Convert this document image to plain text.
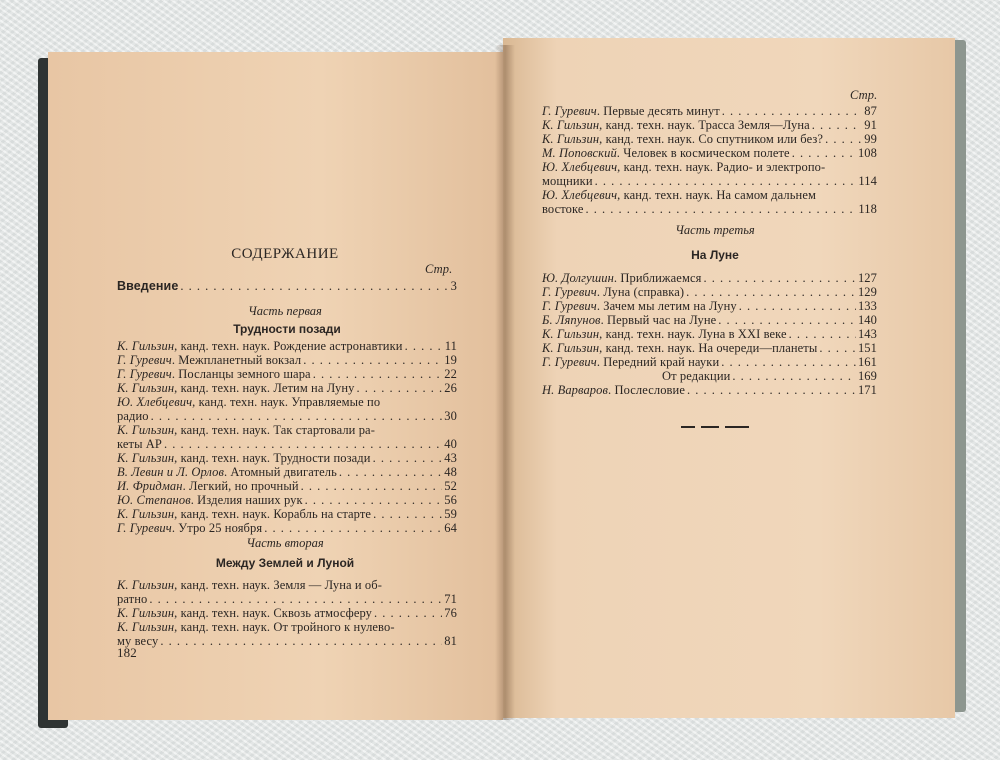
СОДЕРЖАНИЕ
Стр.
Введение . . .	3
Часть первая
Трудности позади
К. Гильзин, канд. техн. наук. Рождение астронавтики . . .	11
Г. Гуревич. Межпланетный вокзал . . .	19
Г. Гуревич. Посланцы земного шара . . .	22
К. Гильзин, канд. техн. наук. Летим на Луну . . .	26
Ю. Хлебцевич, канд. техн. наук. Управляемые по
радио . . .	30
К. Гильзин, канд. техн. наук. Так стартовали ра-
кеты АР . . .	40
К. Гильзин, канд. техн. наук. Трудности позади . . .	43
В. Левин и Л. Орлов. Атомный двигатель . . .	48
И. Фридман. Легкий, но прочный . . .	52
Ю. Степанов. Изделия наших рук . . .	56
К. Гильзин, канд. техн. наук. Корабль на старте . . .	59
Г. Гуревич. Утро 25 ноября . . .	64
Часть вторая
Между Землей и Луной
К. Гильзин, канд. техн. наук. Земля — Луна и об-
ратно . . .	71
К. Гильзин, канд. техн. наук. Сквозь атмосферу . . .	76
К. Гильзин, канд. техн. наук. От тройного к нулево-
му весу . . .	81
182
Стр.
Г. Гуревич. Первые десять минут . . .	87
К. Гильзин, канд. техн. наук. Трасса Земля—Луна . . .	91
К. Гильзин, канд. техн. наук. Со спутником или без? . . .	99
М. Поповский. Человек в космическом полете . . .	108
Ю. Хлебцевич, канд. техн. наук. Радио- и электропо-
мощники . . .	114
Ю. Хлебцевич, канд. техн. наук. На самом дальнем
востоке . . .	118
Часть третья
На Луне
Ю. Долгушин. Приближаемся . . .	127
Г. Гуревич. Луна (справка) . . .	129
Г. Гуревич. Зачем мы летим на Луну . . .	133
Б. Ляпунов. Первый час на Луне . . .	140
К. Гильзин, канд. техн. наук. Луна в XXI веке . . .	143
К. Гильзин, канд. техн. наук. На очереди—планеты . . .	151
Г. Гуревич. Передний край науки . . .	161
От редакции . . .	169
Н. Варваров. Послесловие . . .	171
